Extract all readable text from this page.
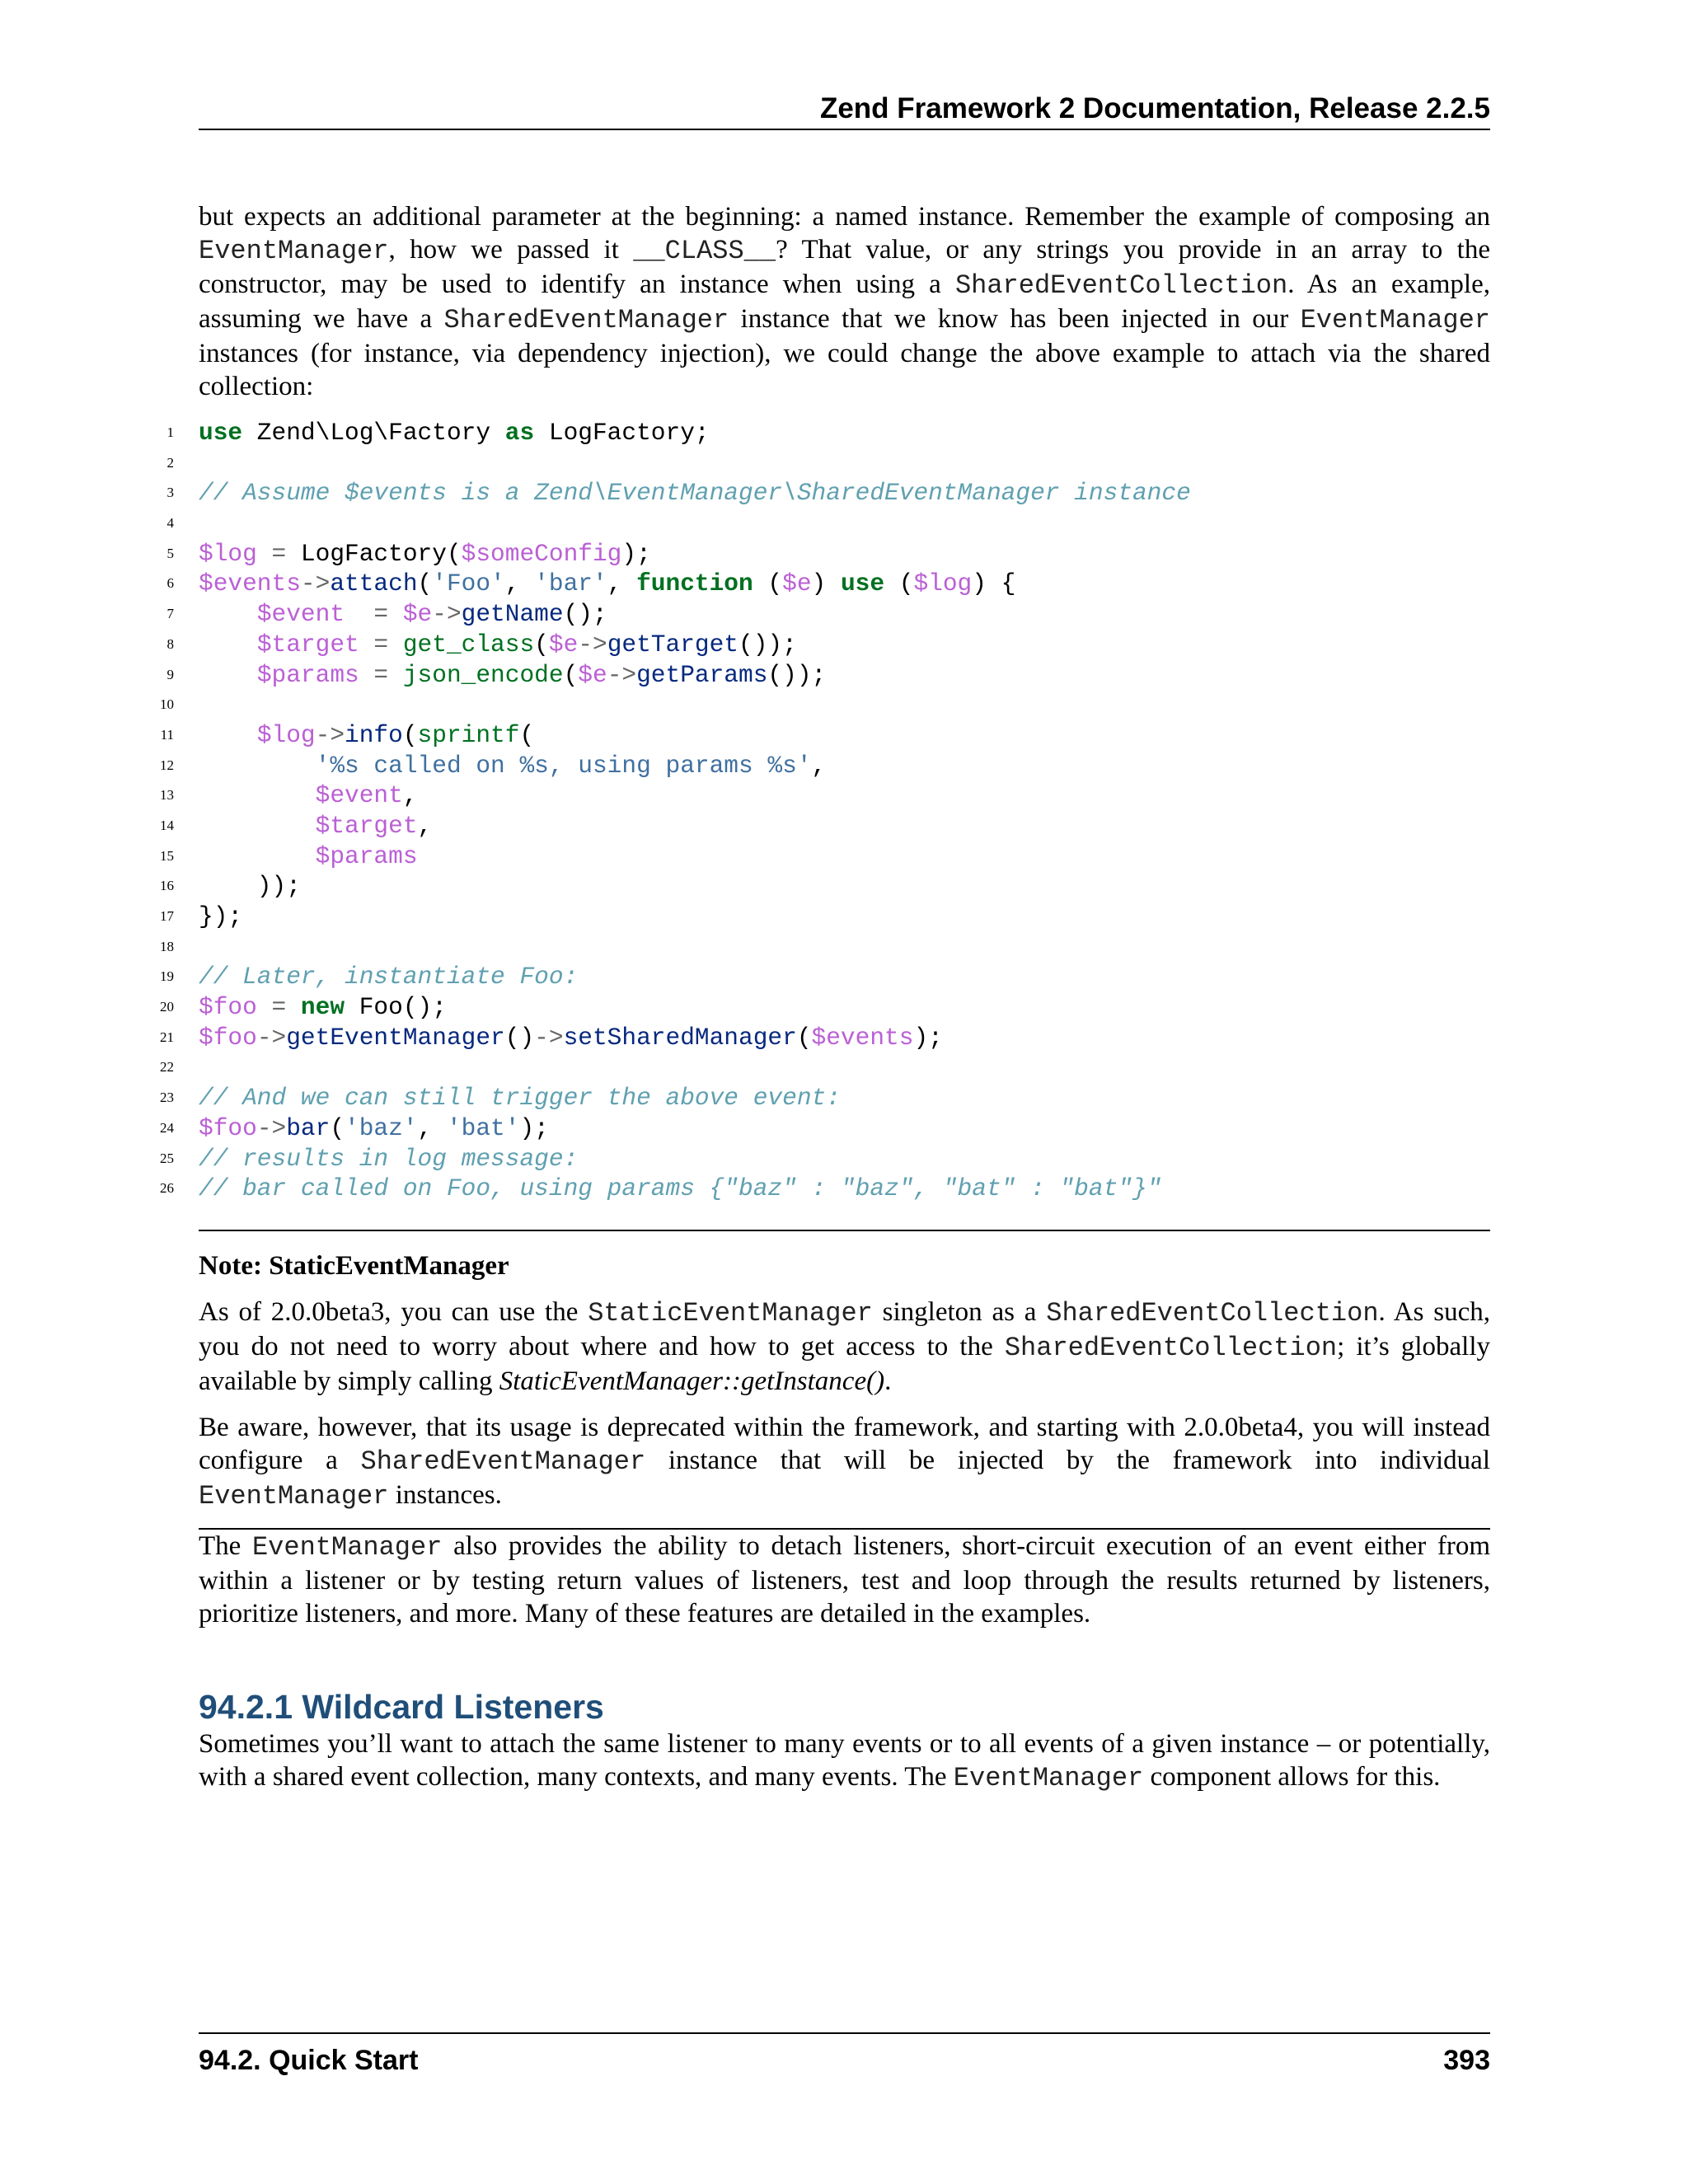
Zend Framework 2 Documentation, Release 2.2.5

but expects an additional parameter at the beginning: a named instance. Remember the example of composing an EventManager, how we passed it __CLASS__? That value, or any strings you provide in an array to the constructor, may be used to identify an instance when using a SharedEventCollection. As an example, assuming we have a SharedEventManager instance that we know has been injected in our EventManager instances (for instance, via dependency injection), we could change the above example to attach via the shared collection:

1 use Zend\Log\Factory as LogFactory;
2
3 // Assume $events is a Zend\EventManager\SharedEventManager instance
4
5 $log = LogFactory($someConfig);
6 $events->attach('Foo', 'bar', function ($e) use ($log) {
7	$event  = $e->getName();
8	$target = get_class($e->getTarget());
9	$params = json_encode($e->getParams());
10
11	$log->info(sprintf(
12	'%s called on %s, using params %s',
13	$event,
14	$target,
15	$params
16 ));
17 });
18
19 // Later, instantiate Foo:
20 $foo = new Foo();
21 $foo->getEventManager()->setSharedManager($events);
22
23 // And we can still trigger the above event:
24 $foo->bar('baz', 'bat');
25 // results in log message:
26 // bar called on Foo, using params {"baz" : "baz", "bat" : "bat"}"
Note: StaticEventManager

As of 2.0.0beta3, you can use the StaticEventManager singleton as a SharedEventCollection. As such, you do not need to worry about where and how to get access to the SharedEventCollection; it’s globally available by simply calling StaticEventManager::getInstance().

Be aware, however, that its usage is deprecated within the framework, and starting with 2.0.0beta4, you will instead configure a SharedEventManager instance that will be injected by the framework into individual EventManager instances.

The EventManager also provides the ability to detach listeners, short-circuit execution of an event either from within a listener or by testing return values of listeners, test and loop through the results returned by listeners, prioritize listeners, and more. Many of these features are detailed in the examples.

94.2.1 Wildcard Listeners

Sometimes you’ll want to attach the same listener to many events or to all events of a given instance – or potentially, with a shared event collection, many contexts, and many events. The EventManager component allows for this.

94.2. Quick Start	393
